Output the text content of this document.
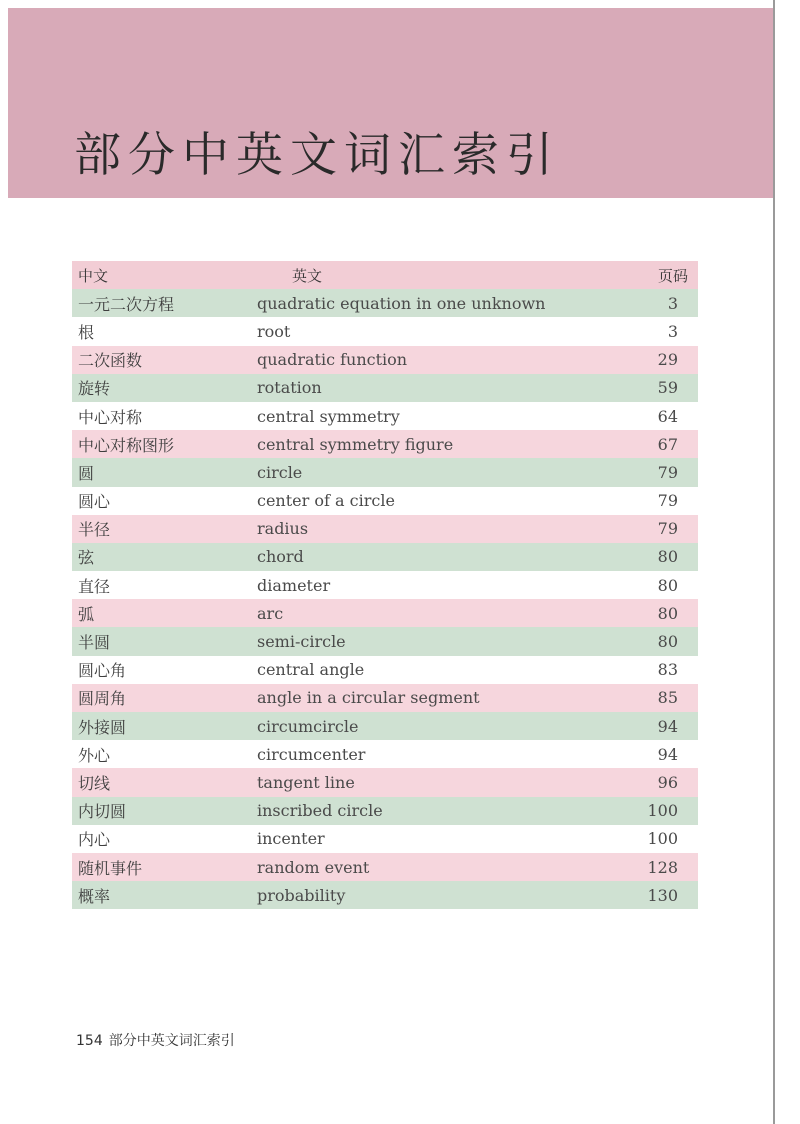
部分中英文词汇索引
中文	英文	页码
一元二次方程	quadratic equation in one unknown	3
根	root	3
二次函数	quadratic function	29
旋转	rotation	59
中心对称	central symmetry	64
中心对称图形	central symmetry figure	67
圆	circle	79
圆心	center of a circle	79
半径	radius	79
弦	chord	80
直径	diameter	80
弧	arc	80
半圆	semi-circle	80
圆心角	central angle	83
圆周角	angle in a circular segment	85
外接圆	circumcircle	94
外心	circumcenter	94
切线	tangent line	96
内切圆	inscribed circle	100
内心	incenter	100
随机事件	random event	128
概率	probability	130
154 部分中英文词汇索引
